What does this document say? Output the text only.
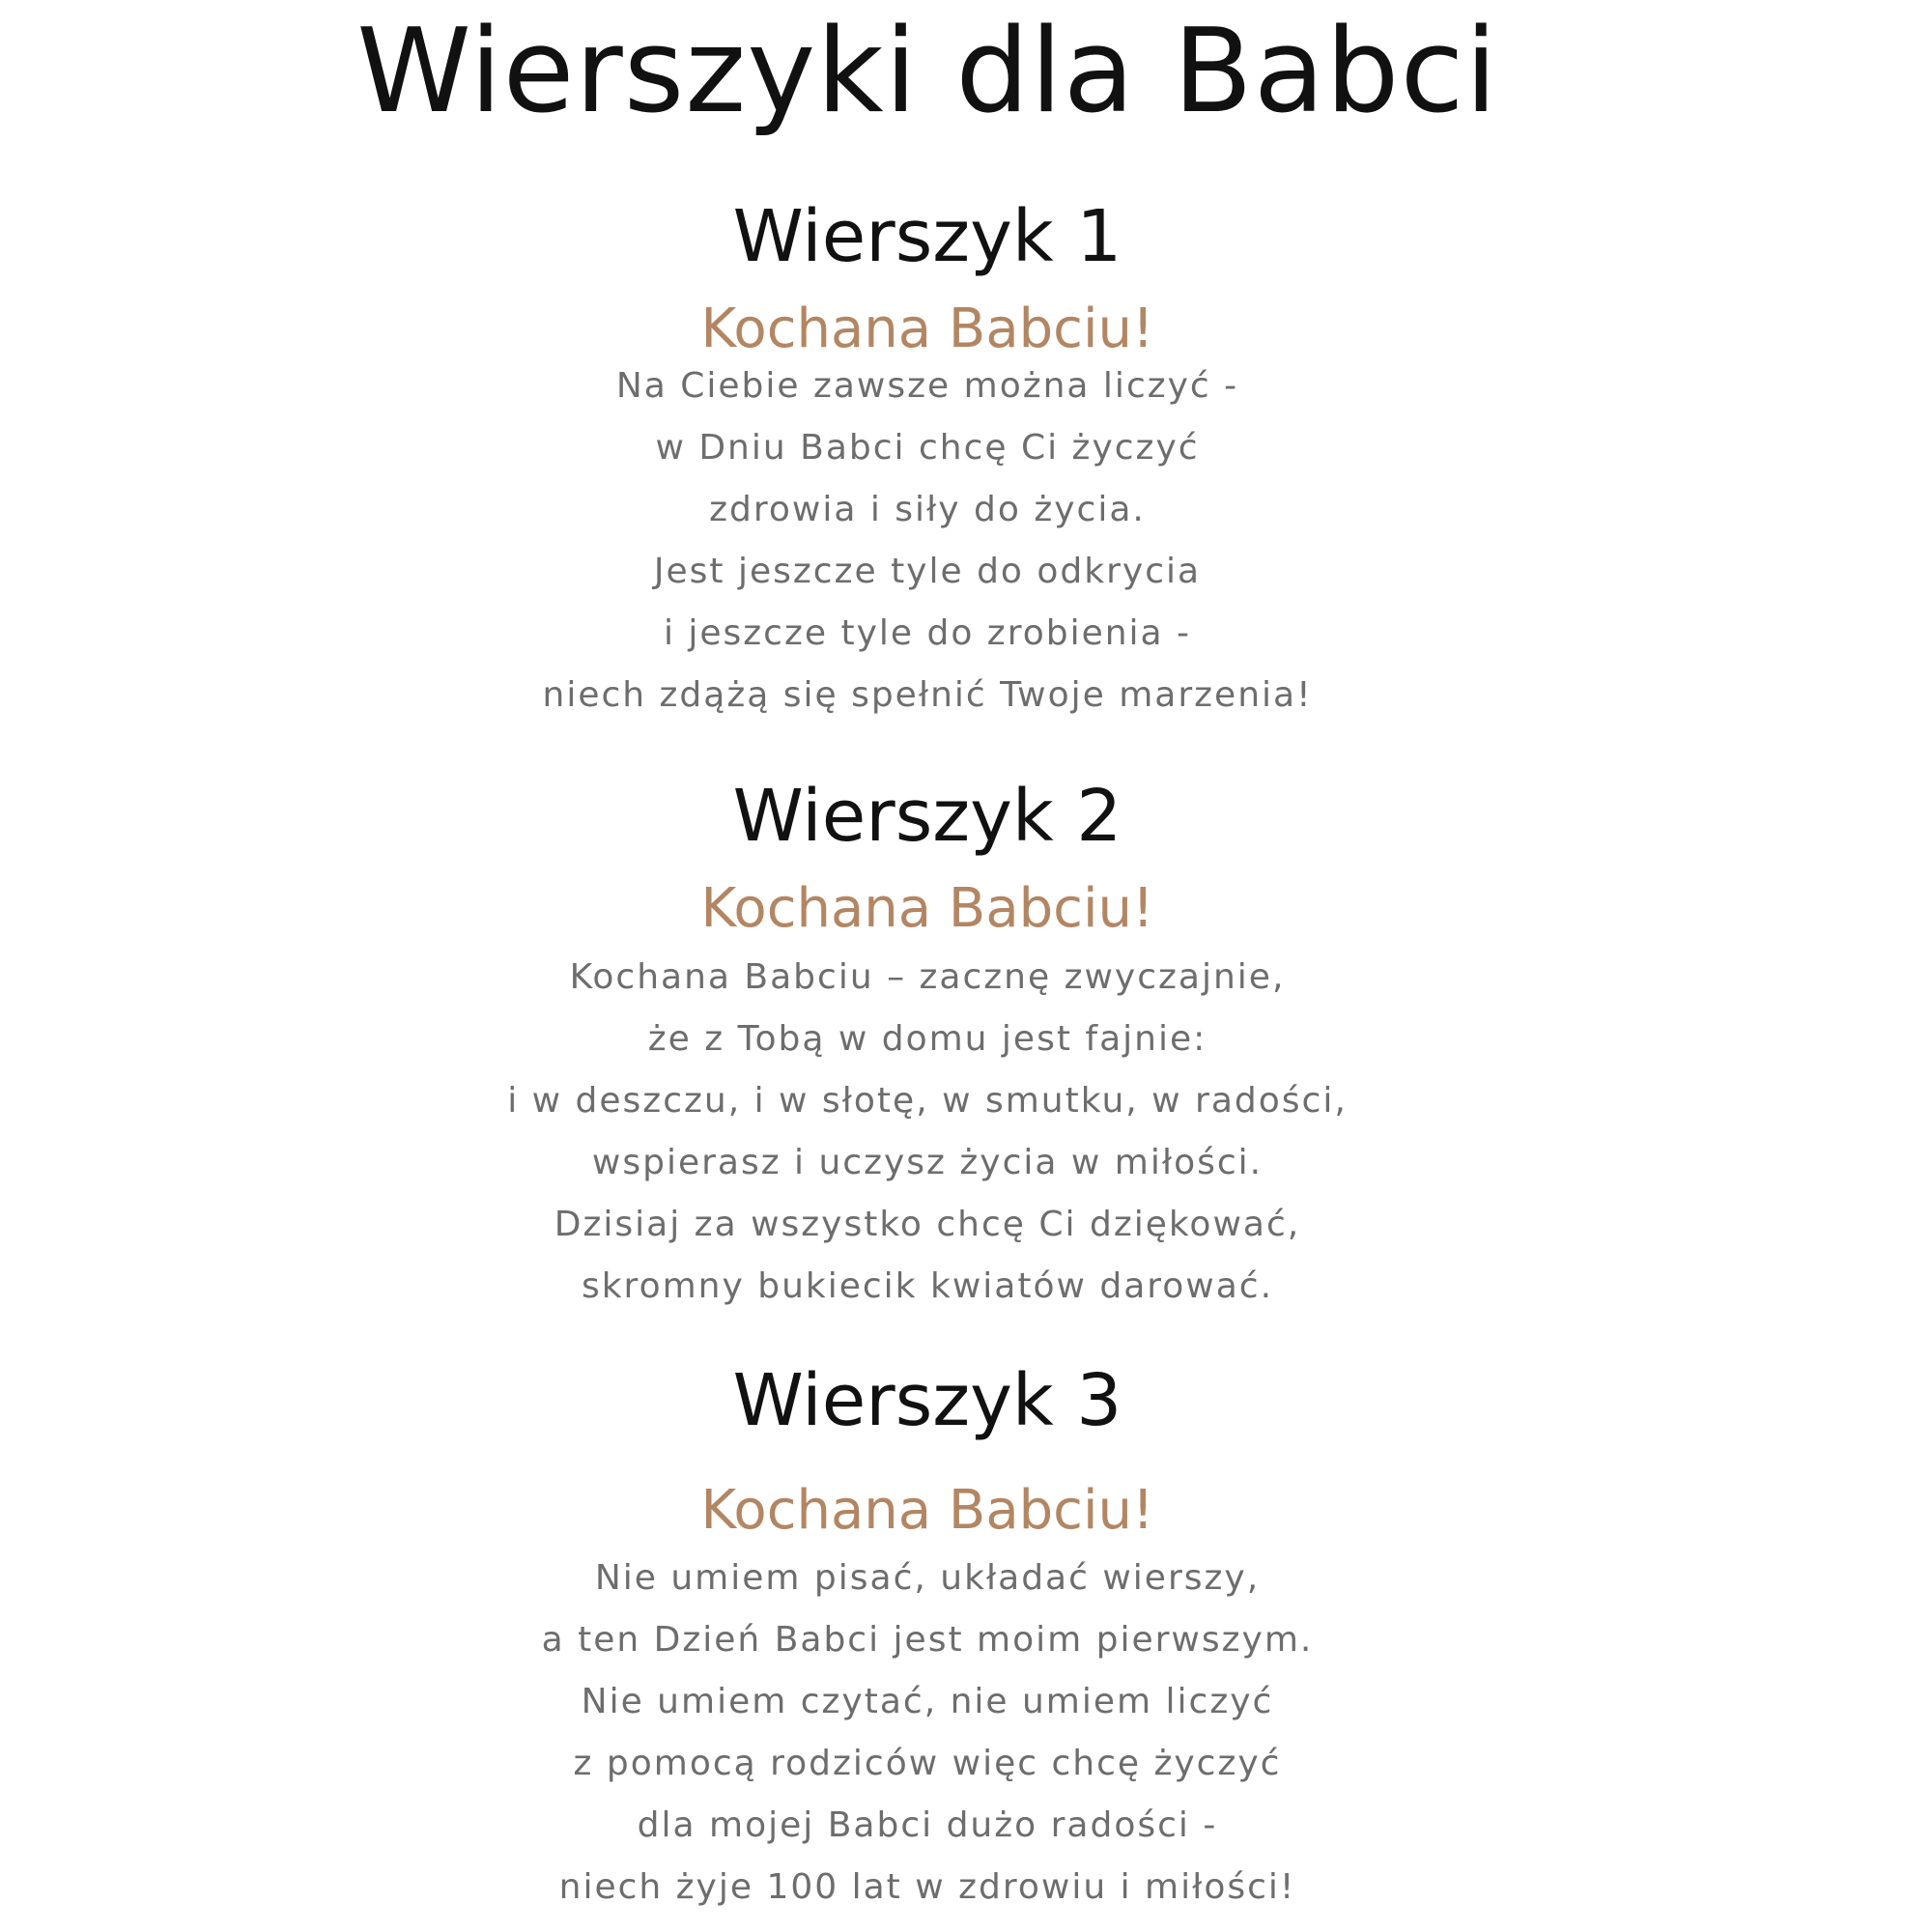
Wierszyki dla Babci
Wierszyk 1
Kochana Babciu!
Na Ciebie zawsze można liczyć -
w Dniu Babci chcę Ci życzyć
zdrowia i siły do życia.
Jest jeszcze tyle do odkrycia
i jeszcze tyle do zrobienia -
niech zdążą się spełnić Twoje marzenia!
Wierszyk 2
Kochana Babciu!
Kochana Babciu – zacznę zwyczajnie,
że z Tobą w domu jest fajnie:
i w deszczu, i w słotę, w smutku, w radości,
wspierasz i uczysz życia w miłości.
Dzisiaj za wszystko chcę Ci dziękować,
skromny bukiecik kwiatów darować.
Wierszyk 3
Kochana Babciu!
Nie umiem pisać, układać wierszy,
a ten Dzień Babci jest moim pierwszym.
Nie umiem czytać, nie umiem liczyć
z pomocą rodziców więc chcę życzyć
dla mojej Babci dużo radości -
niech żyje 100 lat w zdrowiu i miłości!
